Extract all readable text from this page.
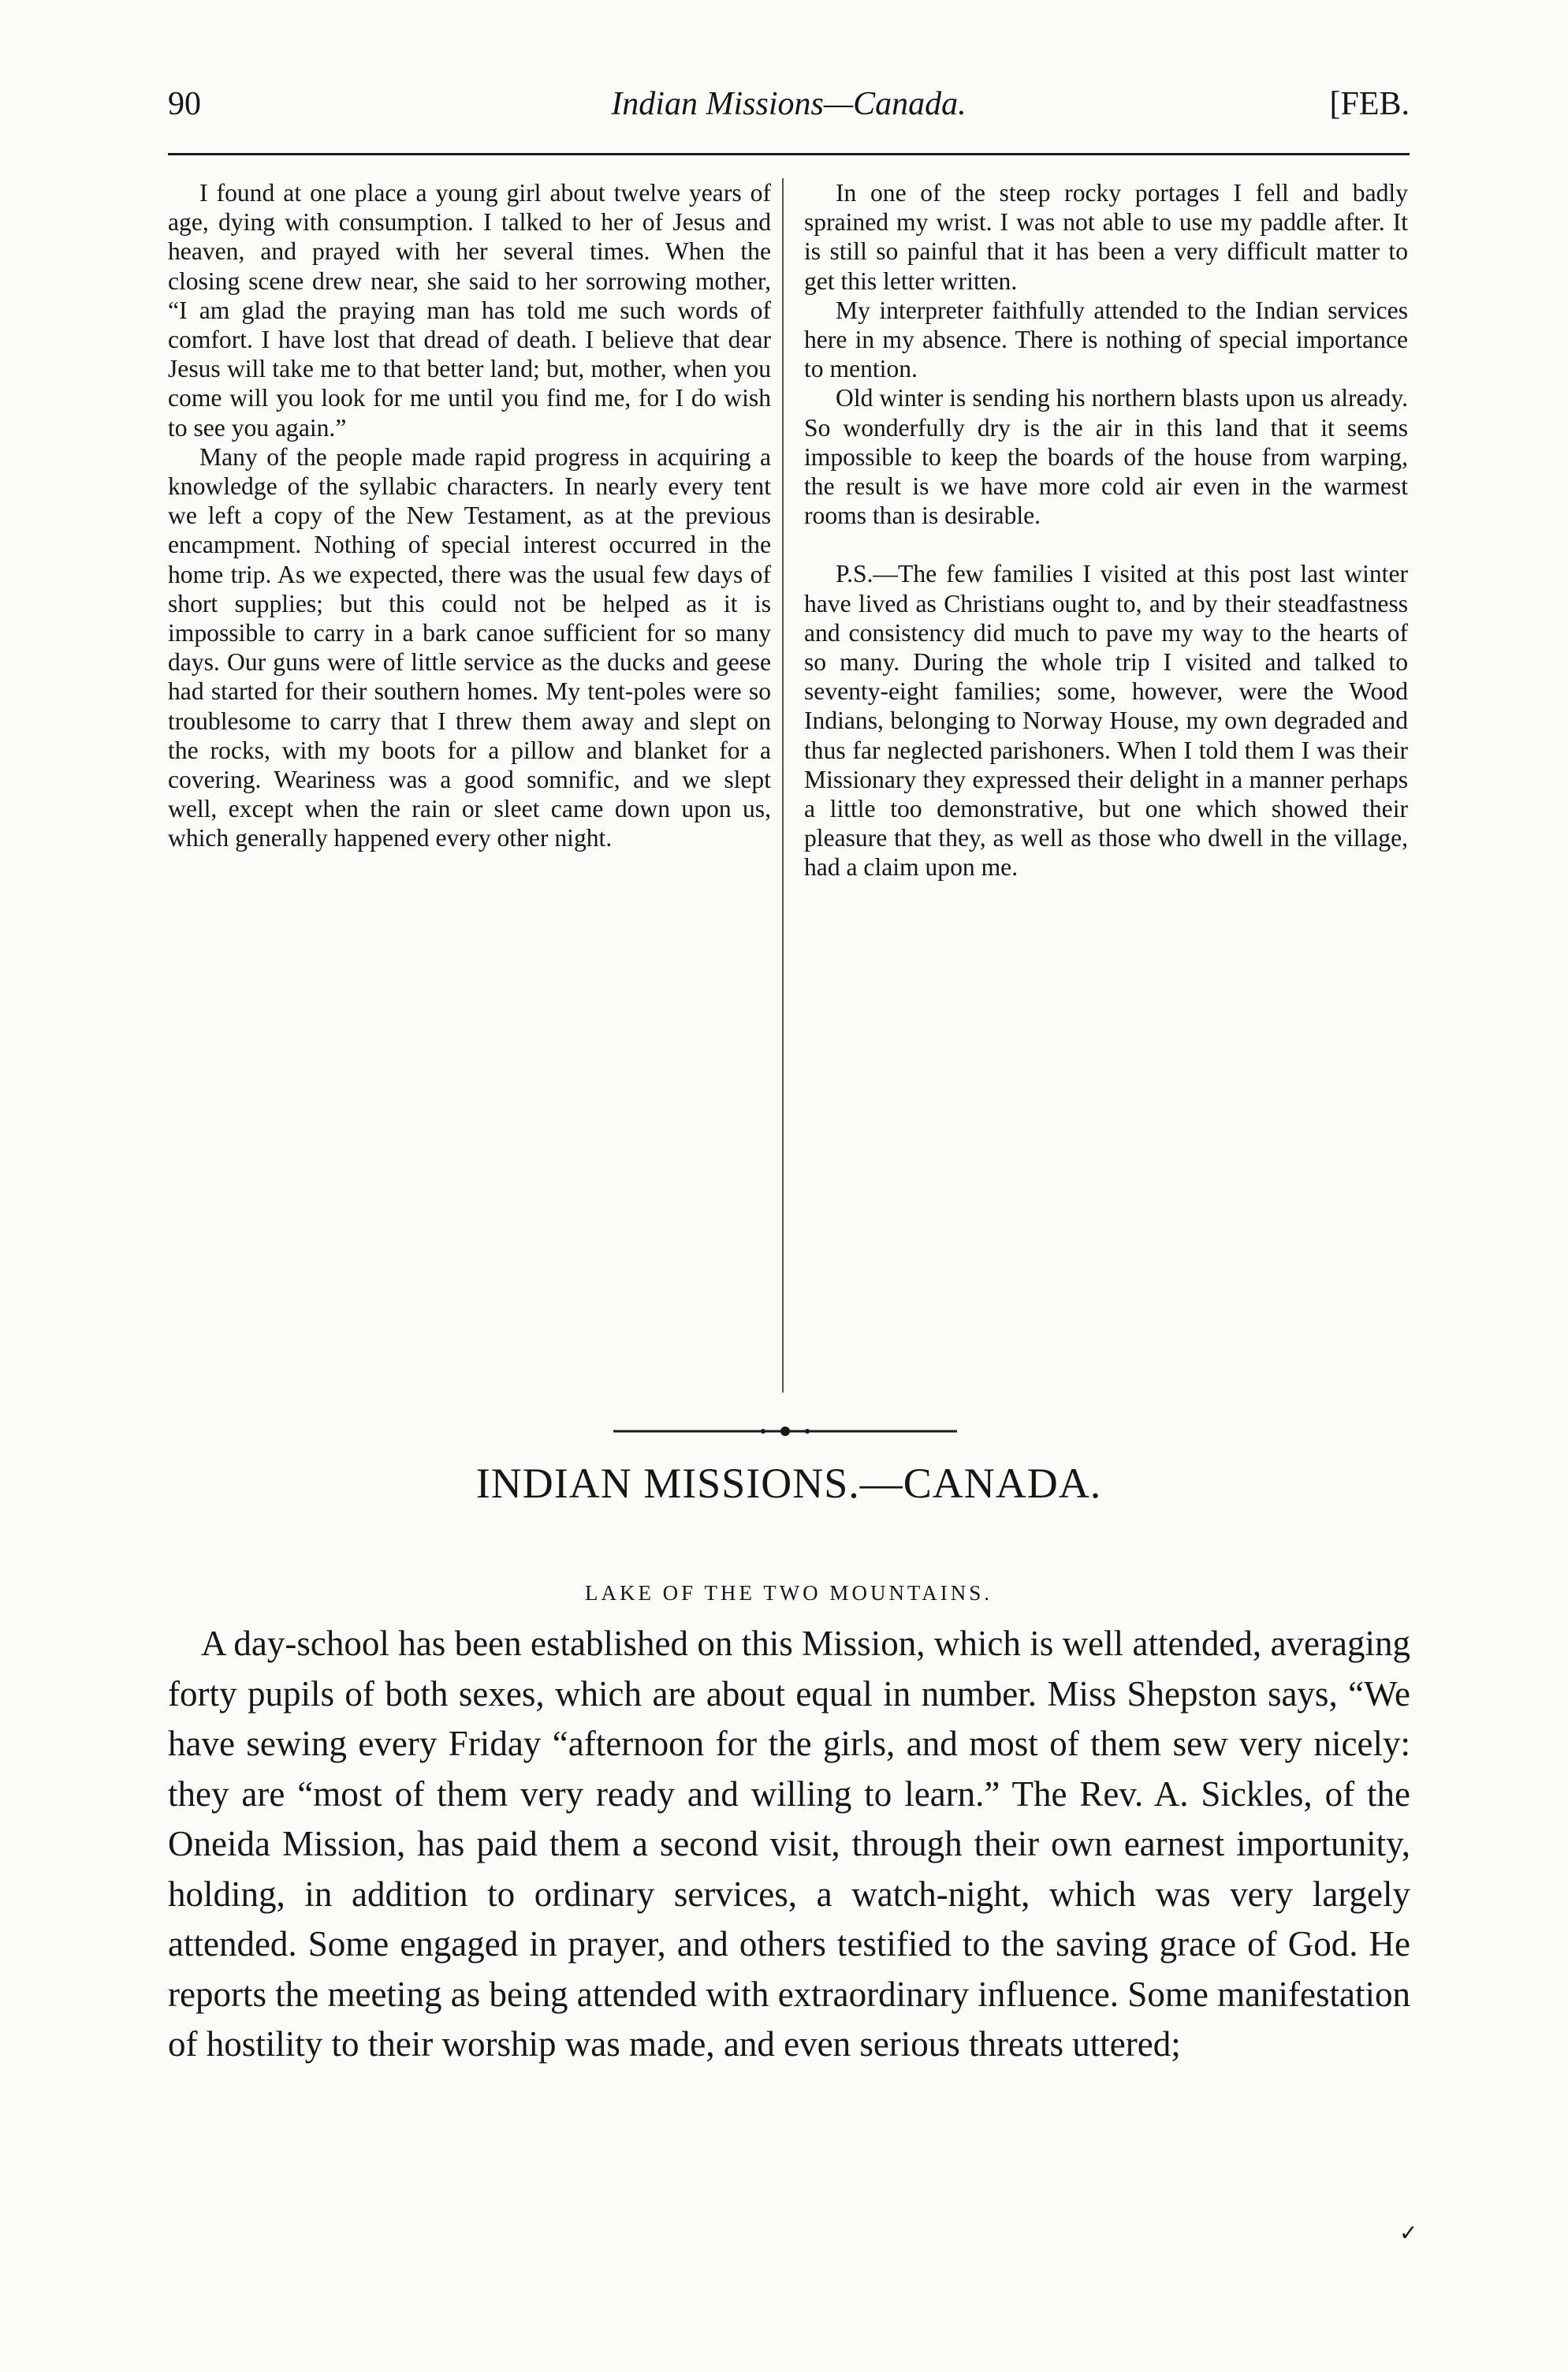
90	Indian Missions—Canada.	[FEB.

I found at one place a young girl about twelve years of age, dying with consumption. I talked to her of Jesus and heaven, and prayed with her several times. When the closing scene drew near, she said to her sorrowing mother, “I am glad the praying man has told me such words of comfort. I have lost that dread of death. I believe that dear Jesus will take me to that better land; but, mother, when you come will you look for me until you find me, for I do wish to see you again.”

Many of the people made rapid progress in acquiring a knowledge of the syllabic characters. In nearly every tent we left a copy of the New Testament, as at the previous encampment. Nothing of special interest occurred in the home trip. As we expected, there was the usual few days of short supplies; but this could not be helped as it is impossible to carry in a bark canoe sufficient for so many days. Our guns were of little service as the ducks and geese had started for their southern homes. My tent-poles were so troublesome to carry that I threw them away and slept on the rocks, with my boots for a pillow and blanket for a covering. Weariness was a good somnific, and we slept well, except when the rain or sleet came down upon us, which generally happened every other night.

In one of the steep rocky portages I fell and badly sprained my wrist. I was not able to use my paddle after. It is still so painful that it has been a very difficult matter to get this letter written.

My interpreter faithfully attended to the Indian services here in my absence. There is nothing of special importance to mention.

Old winter is sending his northern blasts upon us already. So wonderfully dry is the air in this land that it seems impossible to keep the boards of the house from warping, the result is we have more cold air even in the warmest rooms than is desirable.

P.S.—The few families I visited at this post last winter have lived as Christians ought to, and by their steadfastness and consistency did much to pave my way to the hearts of so many. During the whole trip I visited and talked to seventy-eight families; some, however, were the Wood Indians, belonging to Norway House, my own degraded and thus far neglected parishoners. When I told them I was their Missionary they expressed their delight in a manner perhaps a little too demonstrative, but one which showed their pleasure that they, as well as those who dwell in the village, had a claim upon me.

INDIAN MISSIONS.—CANADA.
LAKE OF THE TWO MOUNTAINS.

A day-school has been established on this Mission, which is well attended, averaging forty pupils of both sexes, which are about equal in number. Miss Shepston says, “We have sewing every Friday “afternoon for the girls, and most of them sew very nicely: they are “most of them very ready and willing to learn.” The Rev. A. Sickles, of the Oneida Mission, has paid them a second visit, through their own earnest importunity, holding, in addition to ordinary services, a watch-night, which was very largely attended. Some engaged in prayer, and others testified to the saving grace of God. He reports the meeting as being attended with extraordinary influence. Some manifestation of hostility to their worship was made, and even serious threats uttered;

✓
